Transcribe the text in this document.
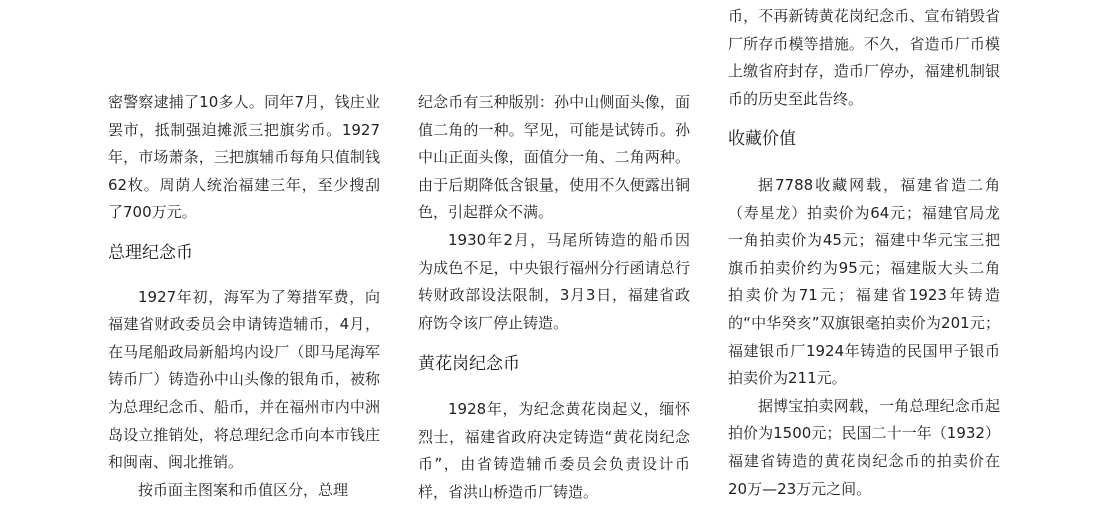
密警察逮捕了10多人。同年7月，钱庄业罢市，抵制强迫摊派三把旗劣币。1927年，市场萧条，三把旗辅币每角只值制钱62枚。周荫人统治福建三年，至少搜刮了700万元。

总理纪念币

1927年初，海军为了筹措军费，向福建省财政委员会申请铸造辅币，4月，在马尾船政局新船坞内设厂（即马尾海军铸币厂）铸造孙中山头像的银角币，被称为总理纪念币、船币，并在福州市内中洲岛设立推销处，将总理纪念币向本市钱庄和闽南、闽北推销。

按币面主图案和币值区分，总理

纪念币有三种版别：孙中山侧面头像，面值二角的一种。罕见，可能是试铸币。孙中山正面头像，面值分一角、二角两种。由于后期降低含银量，使用不久便露出铜色，引起群众不满。

1930年2月，马尾所铸造的船币因为成色不足，中央银行福州分行函请总行转财政部设法限制，3月3日，福建省政府饬令该厂停止铸造。

黄花岗纪念币

1928年，为纪念黄花岗起义，缅怀烈士，福建省政府决定铸造“黄花岗纪念币”，由省铸造辅币委员会负责设计币样，省洪山桥造币厂铸造。

币，不再新铸黄花岗纪念币、宣布销毁省厂所存币模等措施。不久，省造币厂币模上缴省府封存，造币厂停办，福建机制银币的历史至此告终。

收藏价值

据7788收藏网载，福建省造二角（寿星龙）拍卖价为64元；福建官局龙一角拍卖价为45元；福建中华元宝三把旗币拍卖价约为95元；福建版大头二角拍卖价为71元；福建省1923年铸造的“中华癸亥”双旗银毫拍卖价为201元；福建银币厂1924年铸造的民国甲子银币拍卖价为211元。

据博宝拍卖网载，一角总理纪念币起拍价为1500元；民国二十一年（1932）福建省铸造的黄花岗纪念币的拍卖价在20万—23万元之间。
